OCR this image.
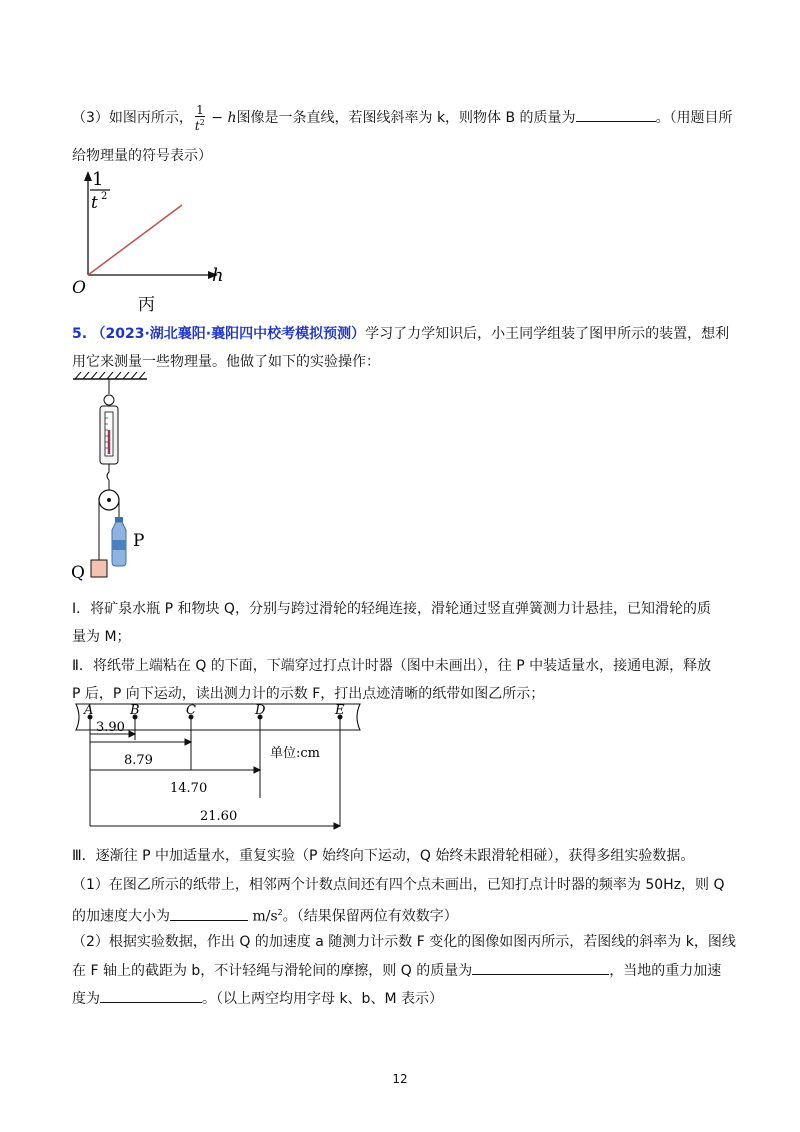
（3）如图丙所示， $\frac{1}{t^2} - h$图像是一条直线，若图线斜率为 k，则物体 B 的质量为	。（用题目所
给物理量的符号表示）
1
t 2
h
O
丙
5. （2023·湖北襄阳·襄阳四中校考模拟预测）学习了力学知识后，小王同学组装了图甲所示的装置，想利
用它来测量一些物理量。他做了如下的实验操作：
P
Q
Ⅰ．将矿泉水瓶 P 和物块 Q，分别与跨过滑轮的轻绳连接，滑轮通过竖直弹簧测力计悬挂，已知滑轮的质
量为 M；
Ⅱ．将纸带上端粘在 Q 的下面，下端穿过打点计时器（图中未画出），往 P 中装适量水，接通电源，释放
P 后，P 向下运动，读出测力计的示数 F，打出点迹清晰的纸带如图乙所示；
A	B	C	D	E
3.90
8.79
14.70
21.60
单位:cm
Ⅲ．逐渐往 P 中加适量水，重复实验（P 始终向下运动，Q 始终未跟滑轮相碰），获得多组实验数据。
（1）在图乙所示的纸带上，相邻两个计数点间还有四个点未画出，已知打点计时器的频率为 50Hz，则 Q
的加速度大小为	$m/s^2$。（结果保留两位有效数字）
（2）根据实验数据，作出 Q 的加速度 a 随测力计示数 F 变化的图像如图丙所示，若图线的斜率为 k，图线
在 F 轴上的截距为 b，不计轻绳与滑轮间的摩擦，则 Q 的质量为	，当地的重力加速
度为	。（以上两空均用字母 k、b、M 表示）
12
